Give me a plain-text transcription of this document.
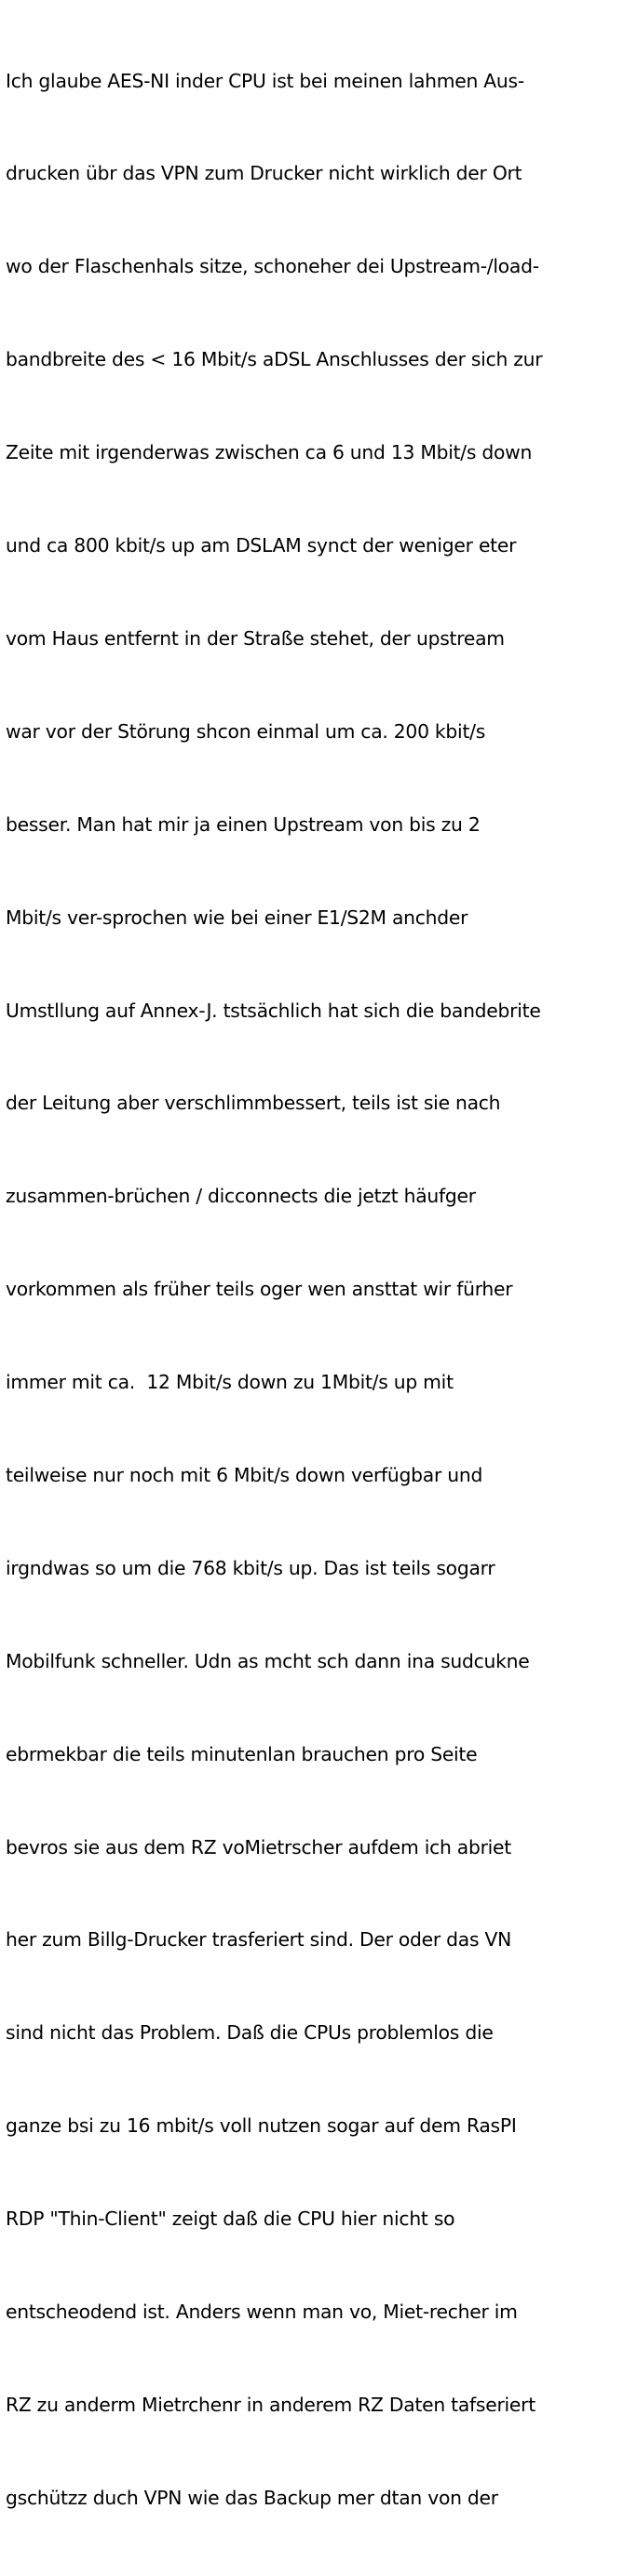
Ich glaube AES-NI inder CPU ist bei meinen lahmen Aus-

drucken übr das VPN zum Drucker nicht wirklich der Ort

wo der Flaschenhals sitze, schoneher dei Upstream-/load-

bandbreite des < 16 Mbit/s aDSL Anschlusses der sich zur

Zeite mit irgenderwas zwischen ca 6 und 13 Mbit/s down

und ca 800 kbit/s up am DSLAM synct der weniger eter

vom Haus entfernt in der Straße stehet, der upstream

war vor der Störung shcon einmal um ca. 200 kbit/s

besser. Man hat mir ja einen Upstream von bis zu 2

Mbit/s ver-sprochen wie bei einer E1/S2M anchder

Umstllung auf Annex-J. tstsächlich hat sich die bandebrite

der Leitung aber verschlimmbessert, teils ist sie nach

zusammen-brüchen / dicconnects die jetzt häufger

vorkommen als früher teils oger wen ansttat wir fürher

immer mit ca.  12 Mbit/s down zu 1Mbit/s up mit

teilweise nur noch mit 6 Mbit/s down verfügbar und

irgndwas so um die 768 kbit/s up. Das ist teils sogarr

Mobilfunk schneller. Udn as mcht sch dann ina sudcukne

ebrmekbar die teils minutenlan brauchen pro Seite

bevros sie aus dem RZ voMietrscher aufdem ich abriet

her zum Billg-Drucker trasferiert sind. Der oder das VN

sind nicht das Problem. Daß die CPUs problemlos die

ganze bsi zu 16 mbit/s voll nutzen sogar auf dem RasPI

RDP "Thin-Client" zeigt daß die CPU hier nicht so

entscheodend ist. Anders wenn man vo, Miet-recher im

RZ zu anderm Mietrchenr in anderem RZ Daten tafseriert

gschützz duch VPN wie das Backup mer dtan von der
